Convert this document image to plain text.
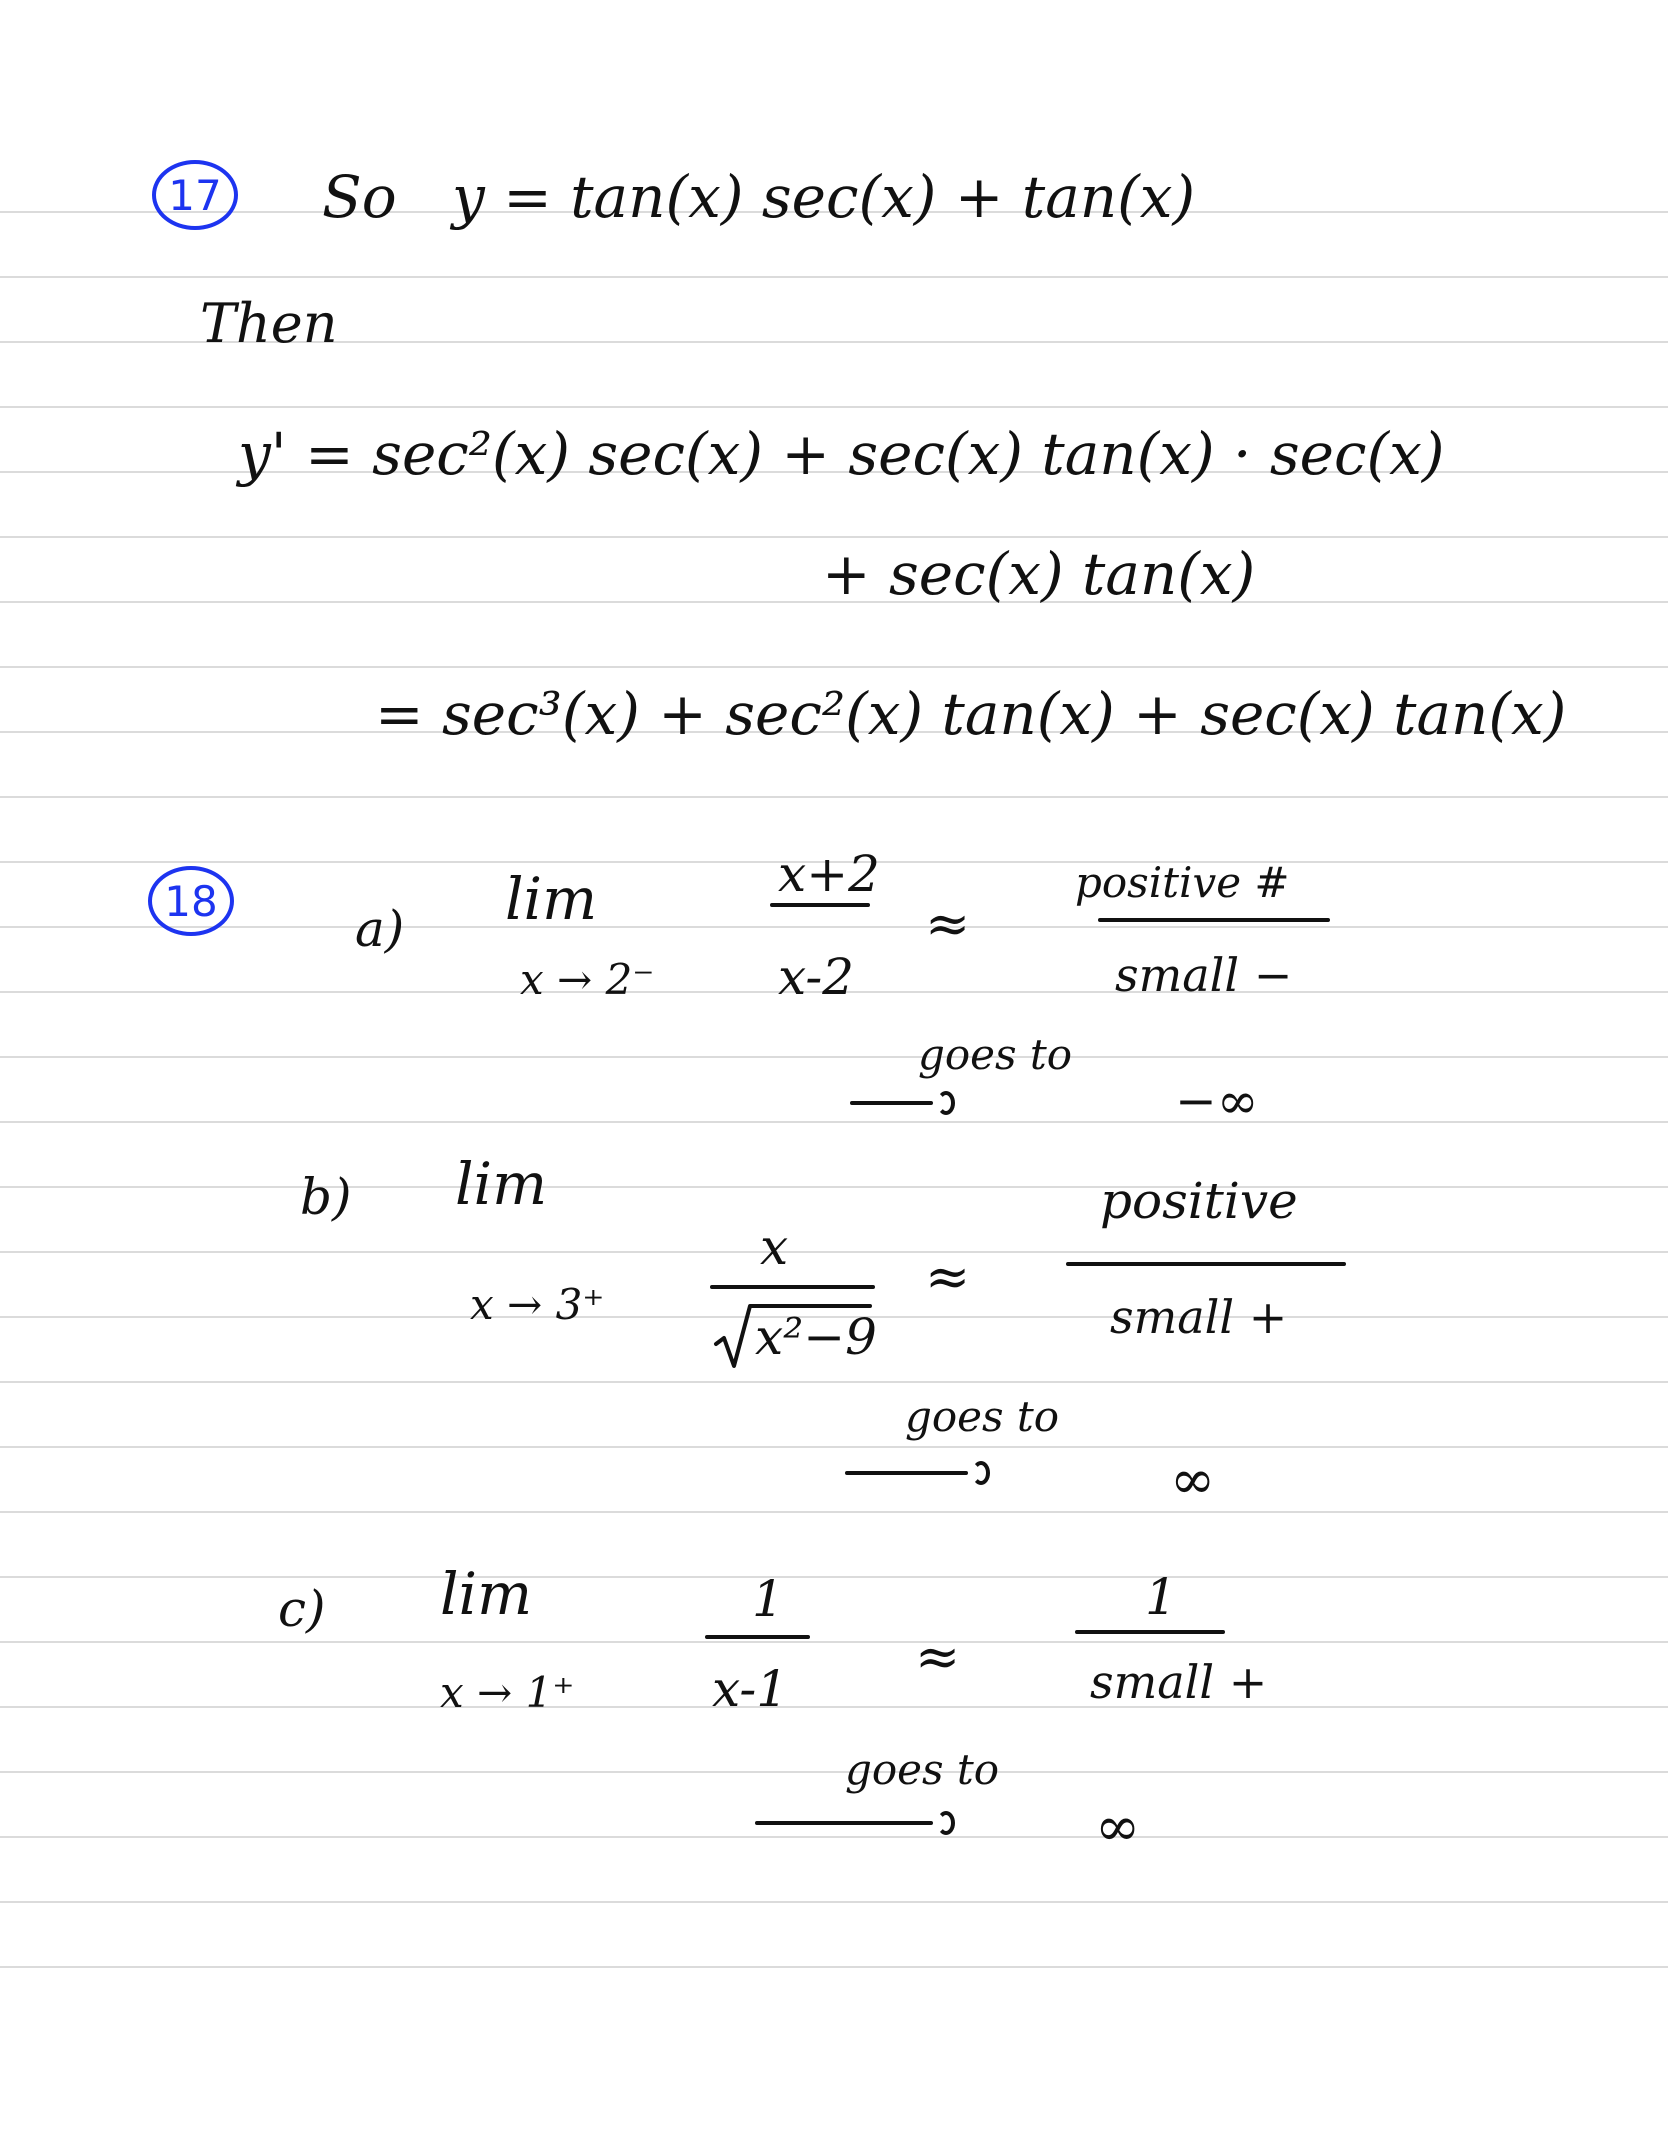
17 So y = tan(x) sec(x) + tan(x)
Then
y' = sec²(x) sec(x) + sec(x) tan(x) · sec(x)
+ sec(x) tan(x)
= sec³(x) + sec²(x) tan(x) + sec(x) tan(x)
18	a) lim
x → 2⁻
x+2
x-2
≈
positive #
small −
goes to
−∞
b) lim
x → 3⁺
x
x²−9
≈
positive
small +
goes to
∞
c) lim
x → 1⁺
1
x-1
≈
1
small +
goes to
∞
